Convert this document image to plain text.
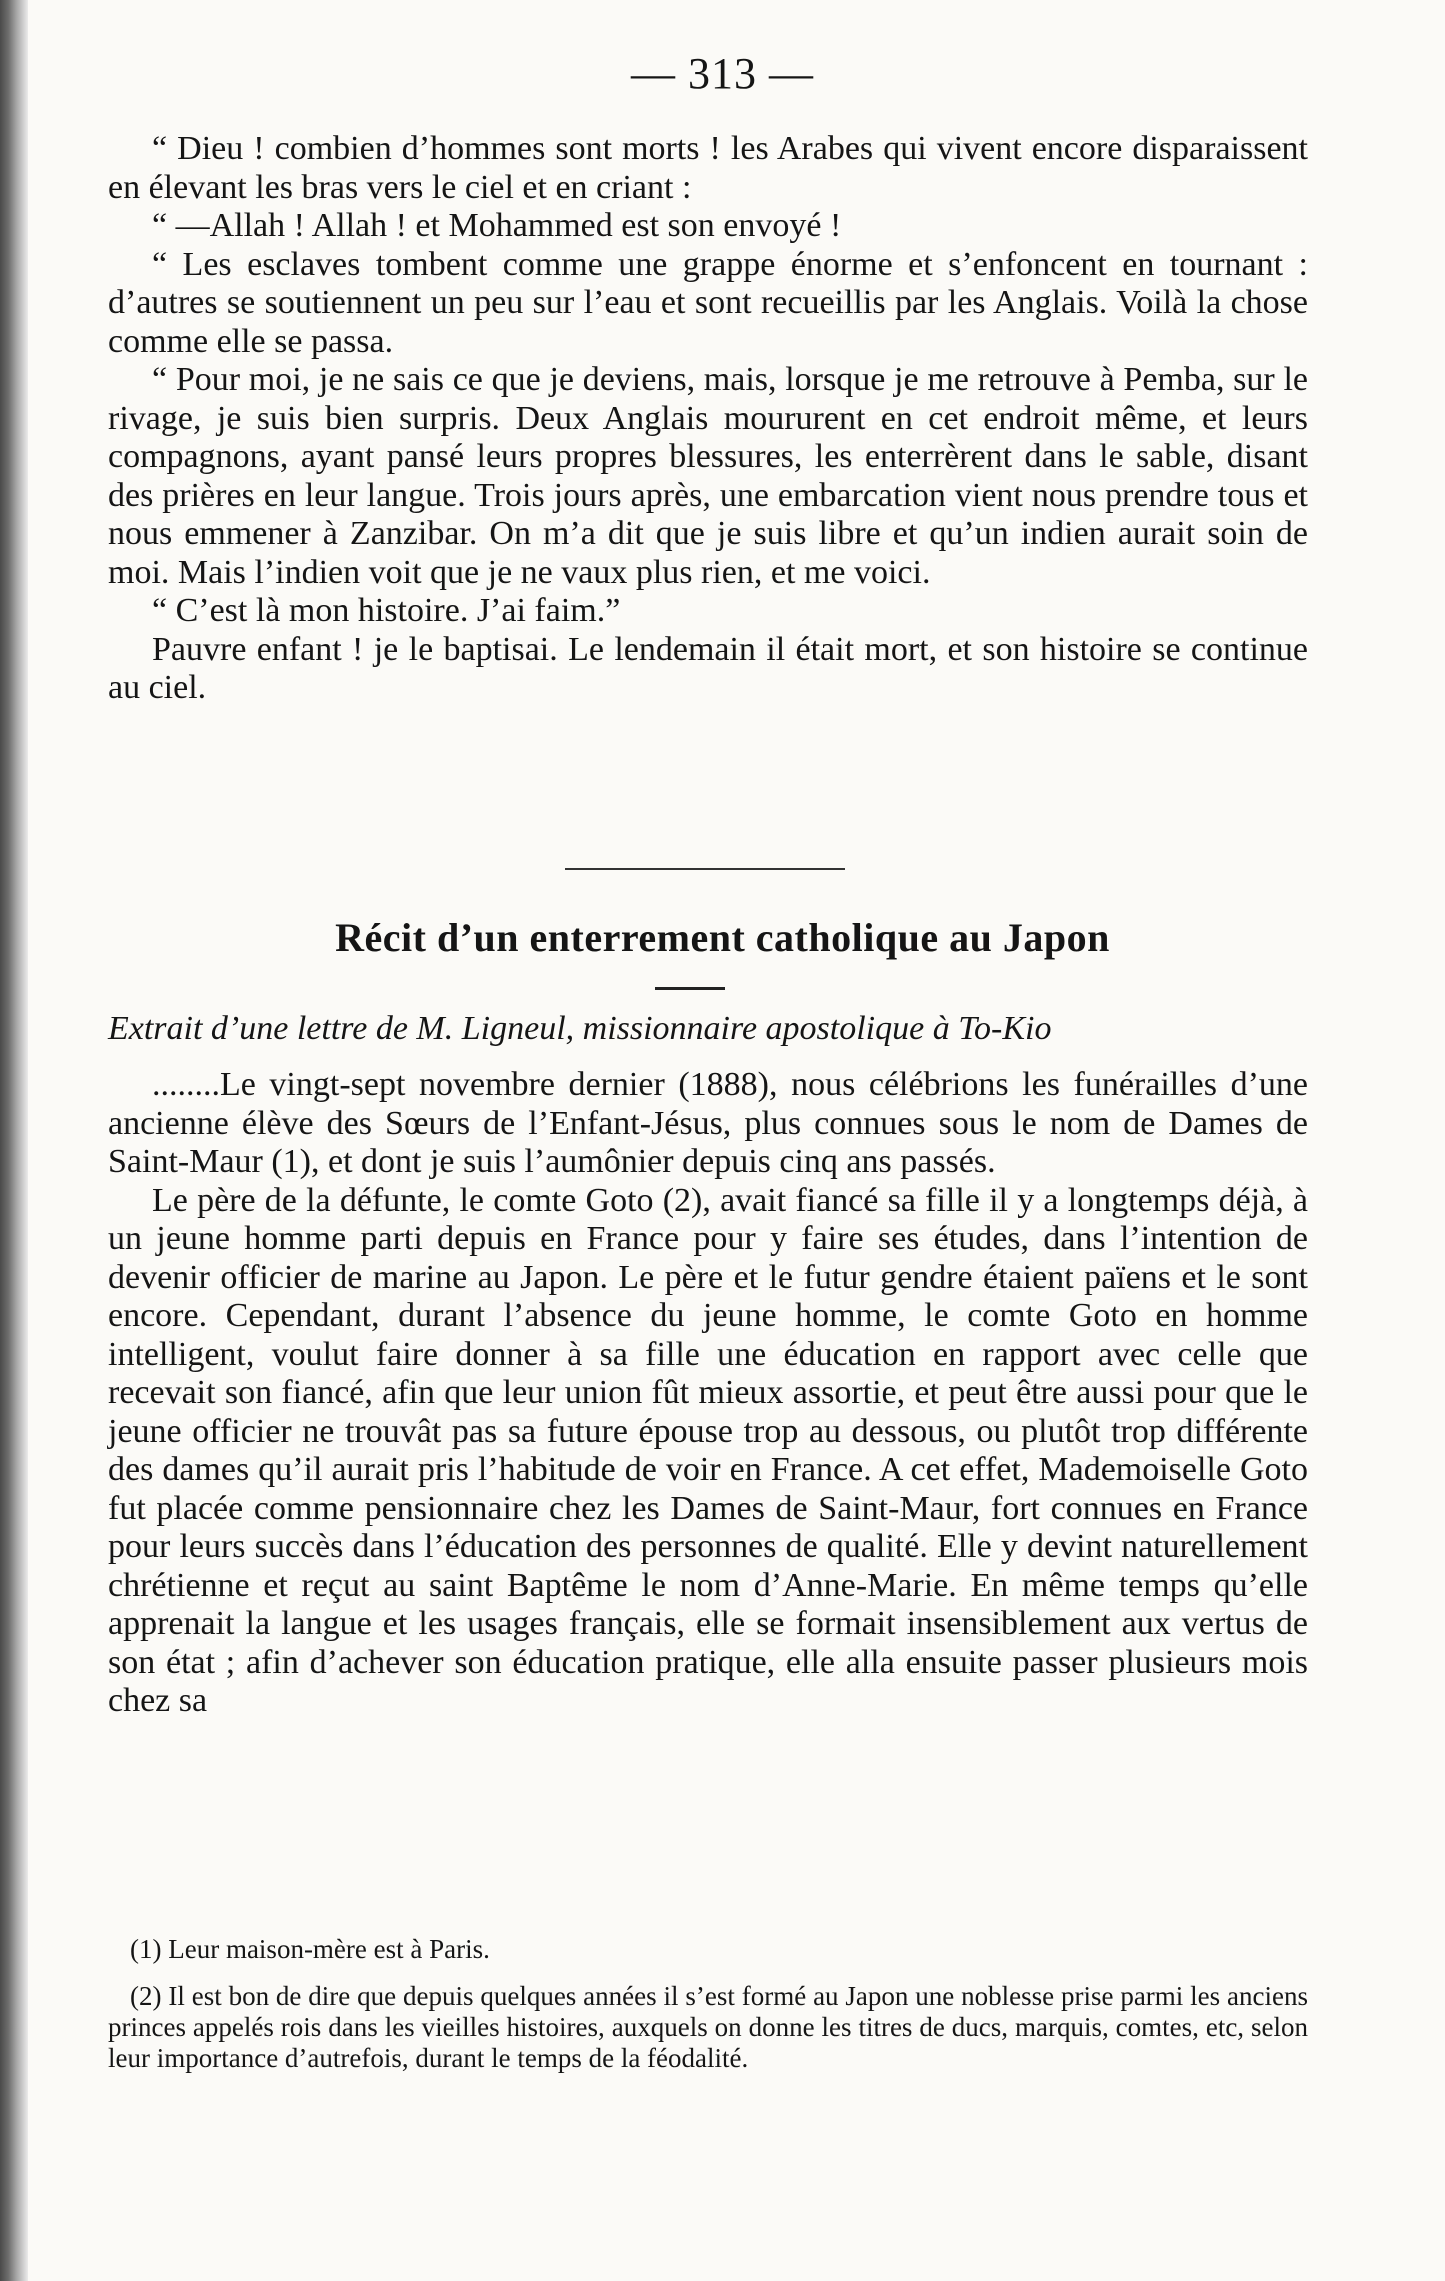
— 313 —

“ Dieu ! combien d’hommes sont morts ! les Arabes qui vivent encore disparaissent en élevant les bras vers le ciel et en criant :

“ —Allah ! Allah ! et Mohammed est son envoyé !

“ Les esclaves tombent comme une grappe énorme et s’enfoncent en tournant : d’autres se soutiennent un peu sur l’eau et sont recueillis par les Anglais. Voilà la chose comme elle se passa.

“ Pour moi, je ne sais ce que je deviens, mais, lorsque je me retrouve à Pemba, sur le rivage, je suis bien surpris. Deux Anglais moururent en cet endroit même, et leurs compagnons, ayant pansé leurs propres blessures, les enterrèrent dans le sable, disant des prières en leur langue. Trois jours après, une embarcation vient nous prendre tous et nous emmener à Zanzibar. On m’a dit que je suis libre et qu’un indien aurait soin de moi. Mais l’indien voit que je ne vaux plus rien, et me voici.

“ C’est là mon histoire. J’ai faim.”

Pauvre enfant ! je le baptisai. Le lendemain il était mort, et son histoire se continue au ciel.

Récit d’un enterrement catholique au Japon
Extrait d’une lettre de M. Ligneul, missionnaire apostolique à To-Kio

........Le vingt-sept novembre dernier (1888), nous célébrions les funérailles d’une ancienne élève des Sœurs de l’Enfant-Jésus, plus connues sous le nom de Dames de Saint-Maur (1), et dont je suis l’aumônier depuis cinq ans passés.

Le père de la défunte, le comte Goto (2), avait fiancé sa fille il y a longtemps déjà, à un jeune homme parti depuis en France pour y faire ses études, dans l’intention de devenir officier de marine au Japon. Le père et le futur gendre étaient païens et le sont encore. Cependant, durant l’absence du jeune homme, le comte Goto en homme intelligent, voulut faire donner à sa fille une éducation en rapport avec celle que recevait son fiancé, afin que leur union fût mieux assortie, et peut être aussi pour que le jeune officier ne trouvât pas sa future épouse trop au dessous, ou plutôt trop différente des dames qu’il aurait pris l’habitude de voir en France. A cet effet, Mademoiselle Goto fut placée comme pensionnaire chez les Dames de Saint-Maur, fort connues en France pour leurs succès dans l’éducation des personnes de qualité. Elle y devint naturellement chrétienne et reçut au saint Baptême le nom d’Anne-Marie. En même temps qu’elle apprenait la langue et les usages français, elle se formait insensiblement aux vertus de son état ; afin d’achever son éducation pratique, elle alla ensuite passer plusieurs mois chez sa

(1) Leur maison-mère est à Paris.

(2) Il est bon de dire que depuis quelques années il s’est formé au Japon une noblesse prise parmi les anciens princes appelés rois dans les vieilles histoires, auxquels on donne les titres de ducs, marquis, comtes, etc, selon leur importance d’autrefois, durant le temps de la féodalité.
